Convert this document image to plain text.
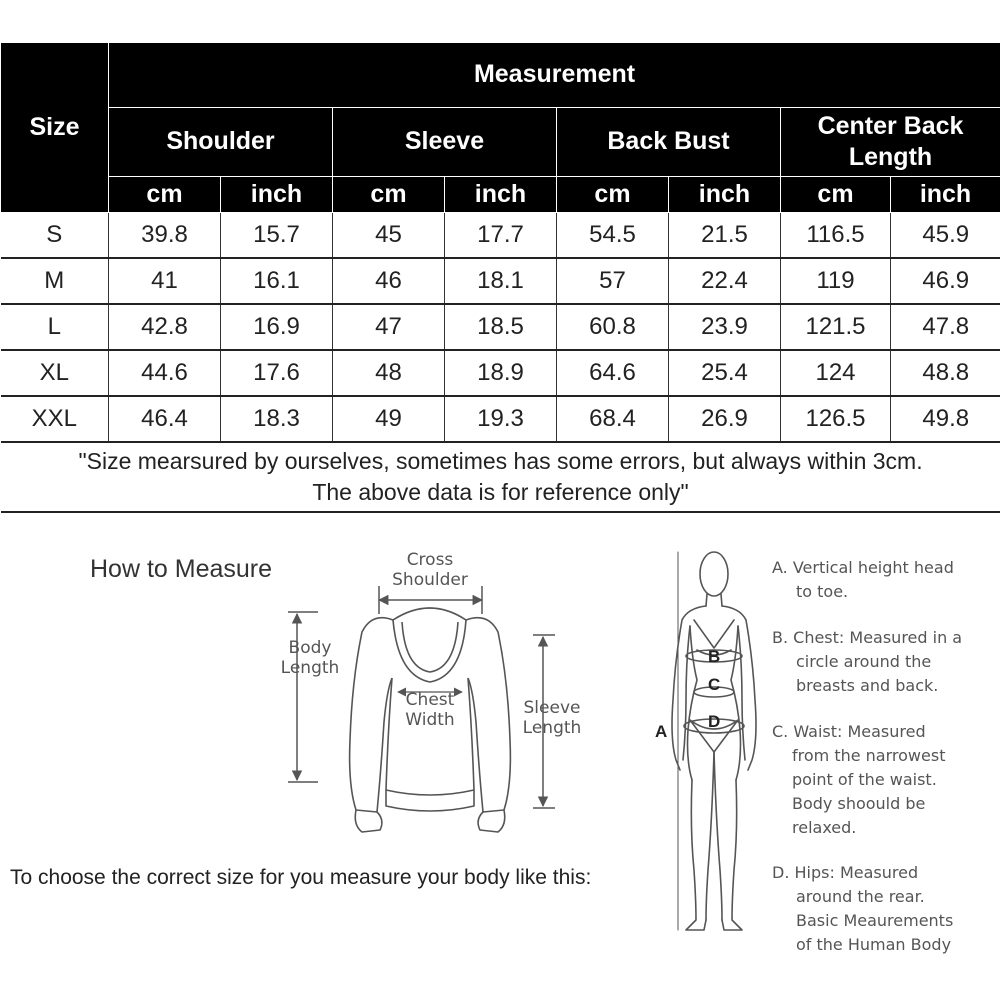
Size	Measurement							
	Shoulder		Sleeve		Back Bust		Center Back
Length	
	cm	inch	cm	inch	cm	inch	cm	inch
S	39.8	15.7	45	17.7	54.5	21.5	116.5	45.9
M	41	16.1	46	18.1	57	22.4	119	46.9
L	42.8	16.9	47	18.5	60.8	23.9	121.5	47.8
XL	44.6	17.6	48	18.9	64.6	25.4	124	48.8
XXL	46.4	18.3	49	19.3	68.4	26.9	126.5	49.8
"Size mearsured by ourselves, sometimes has some errors, but always within 3cm.
The above data is for reference only"								
How to Measure	Cross
Shoulder
Body
Length
Chest
Width
Sleeve
Length
To choose the correct size for you measure your body like this:
A
B
C
D
A. Vertical height head
to toe.
B. Chest: Measured in a
circle around the
breasts and back.
C. Waist: Measured
from the narrowest
point of the waist.
Body shoould be
relaxed.
D. Hips: Measured
around the rear.
Basic Meaurements
of the Human Body
